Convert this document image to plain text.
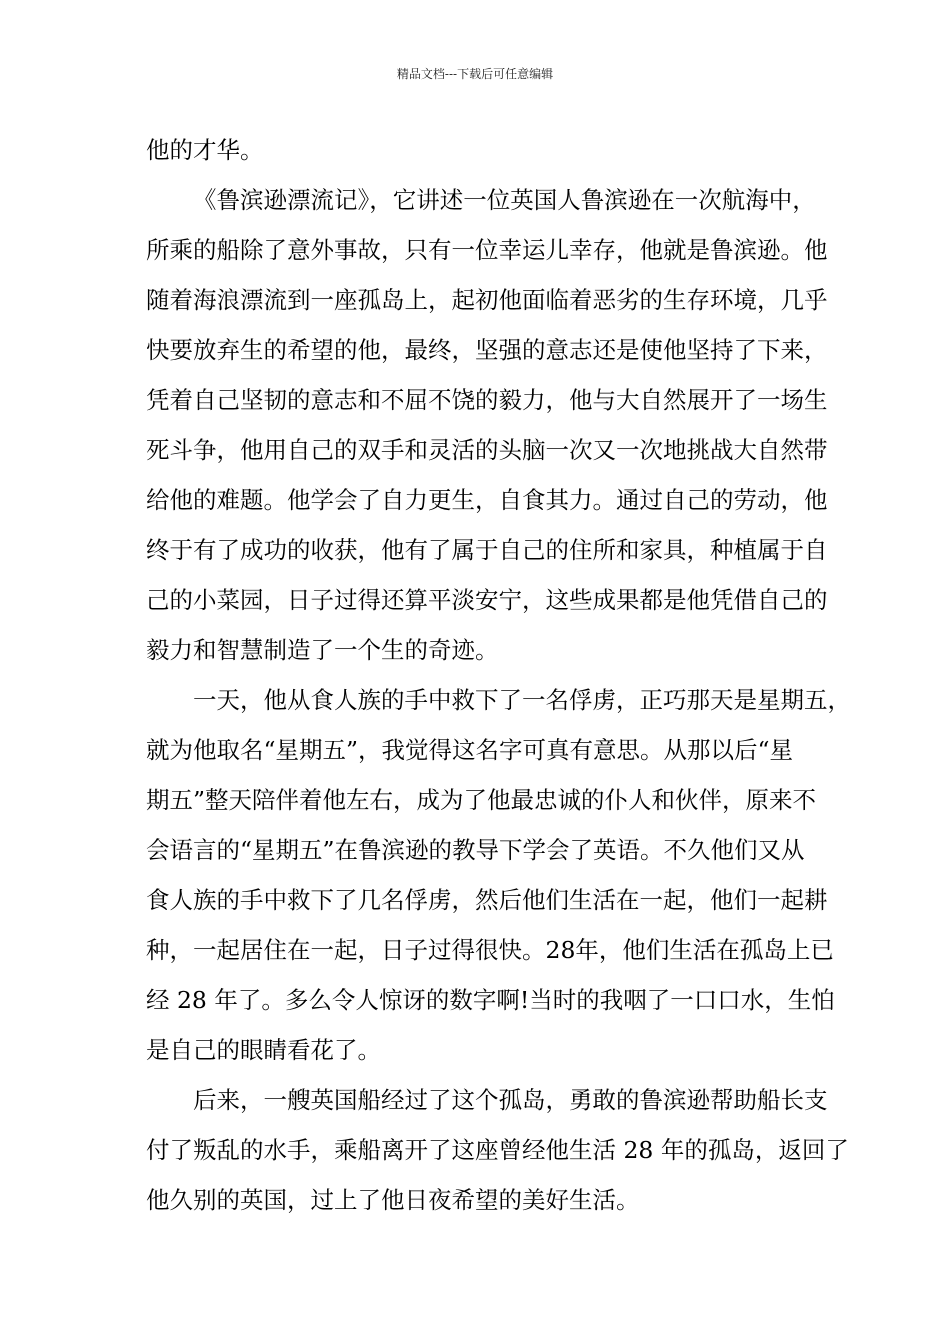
精品文档---下载后可任意编辑
他的才华。
《鲁滨逊漂流记》，它讲述一位英国人鲁滨逊在一次航海中，
所乘的船除了意外事故，只有一位幸运儿幸存，他就是鲁滨逊。他
随着海浪漂流到一座孤岛上，起初他面临着恶劣的生存环境，几乎
快要放弃生的希望的他，最终，坚强的意志还是使他坚持了下来，
凭着自己坚韧的意志和不屈不饶的毅力，他与大自然展开了一场生
死斗争，他用自己的双手和灵活的头脑一次又一次地挑战大自然带
给他的难题。他学会了自力更生，自食其力。通过自己的劳动，他
终于有了成功的收获，他有了属于自己的住所和家具，种植属于自
己的小菜园，日子过得还算平淡安宁，这些成果都是他凭借自己的
毅力和智慧制造了一个生的奇迹。
一天，他从食人族的手中救下了一名俘虏，正巧那天是星期五，
就为他取名“星期五”，我觉得这名字可真有意思。从那以后“星
期五”整天陪伴着他左右，成为了他最忠诚的仆人和伙伴，原来不
会语言的“星期五”在鲁滨逊的教导下学会了英语。不久他们又从
食人族的手中救下了几名俘虏，然后他们生活在一起，他们一起耕
种，一起居住在一起，日子过得很快。28年，他们生活在孤岛上已
经 28 年了。多么令人惊讶的数字啊!当时的我咽了一口口水，生怕
是自己的眼睛看花了。
后来，一艘英国船经过了这个孤岛，勇敢的鲁滨逊帮助船长支
付了叛乱的水手，乘船离开了这座曾经他生活 28 年的孤岛，返回了
他久别的英国，过上了他日夜希望的美好生活。
